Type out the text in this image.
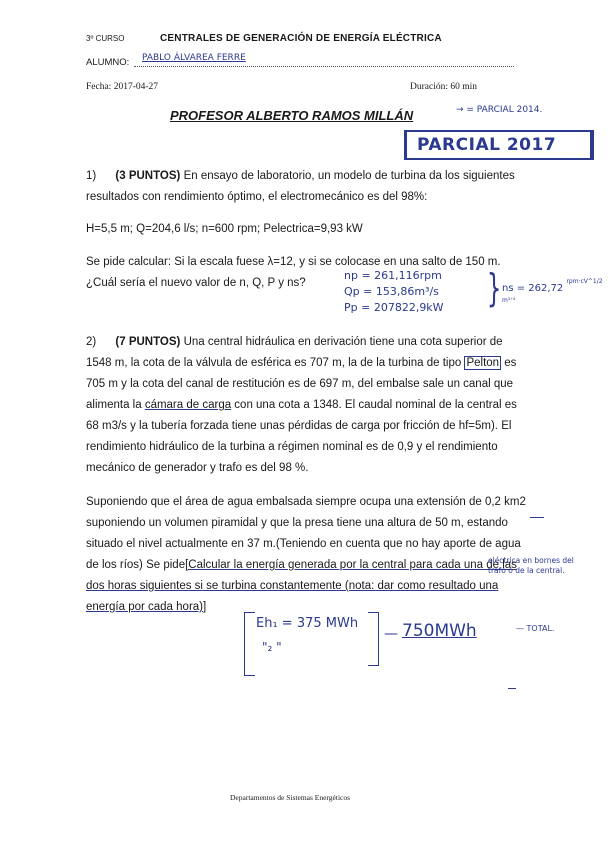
3º CURSO	CENTRALES DE GENERACIÓN DE ENERGÍA ELÉCTRICA
ALUMNO: PABLO ÁLVAREA FERRE
Fecha: 2017-04-27	Duración: 60 min
PROFESOR ALBERTO RAMOS MILLÁN	→ = PARCIAL 2014.
PARCIAL 2017
1) (3 PUNTOS) En ensayo de laboratorio, un modelo de turbina da los siguientes resultados con rendimiento óptimo, el electromecánico es del 98%:
H=5,5 m; Q=204,6 l/s; n=600 rpm; Pelectrica=9,93 kW
Se pide calcular: Si la escala fuese λ=12, y si se colocase en una salto de 150 m. ¿Cuál sería el nuevo valor de n, Q, P y ns?
np = 261,116rpm
Qp = 153,86m³/s
Pp = 207822,9kW } ns = 262,72 $^{rpm\cdot cV\^{}1/2}$ m⁵ᐟ⁴
2) (7 PUNTOS) Una central hidráulica en derivación tiene una cota superior de 1548 m, la cota de la válvula de esférica es 707 m, la de la turbina de tipo Pelton es 705 m y la cota del canal de restitución es de 697 m, del embalse sale un canal que alimenta la cámara de carga con una cota a 1348. El caudal nominal de la central es 68 m3/s y la tubería forzada tiene unas pérdidas de carga por fricción de hf=5m). El rendimiento hidráulico de la turbina a régimen nominal es de 0,9 y el rendimiento mecánico de generador y trafo es del 98 %.
Suponiendo que el área de agua embalsada siempre ocupa una extensión de 0,2 km2 suponiendo un volumen piramidal y que la presa tiene una altura de 50 m, estando situado el nivel actualmente en 37 m.(Teniendo en cuenta que no hay aporte de agua de los ríos) Se pide[Calcular la energía generada por la central para cada una de las dos horas siguientes si se turbina constantemente (nota: dar como resultado una energía por cada hora)]
eléctrica en bornes del trafo o de la central.
Eh₁ = 375 MWh
"₂ "
— 750MWh	— TOTAL.
Departamentos de Sistemas Energéticos
